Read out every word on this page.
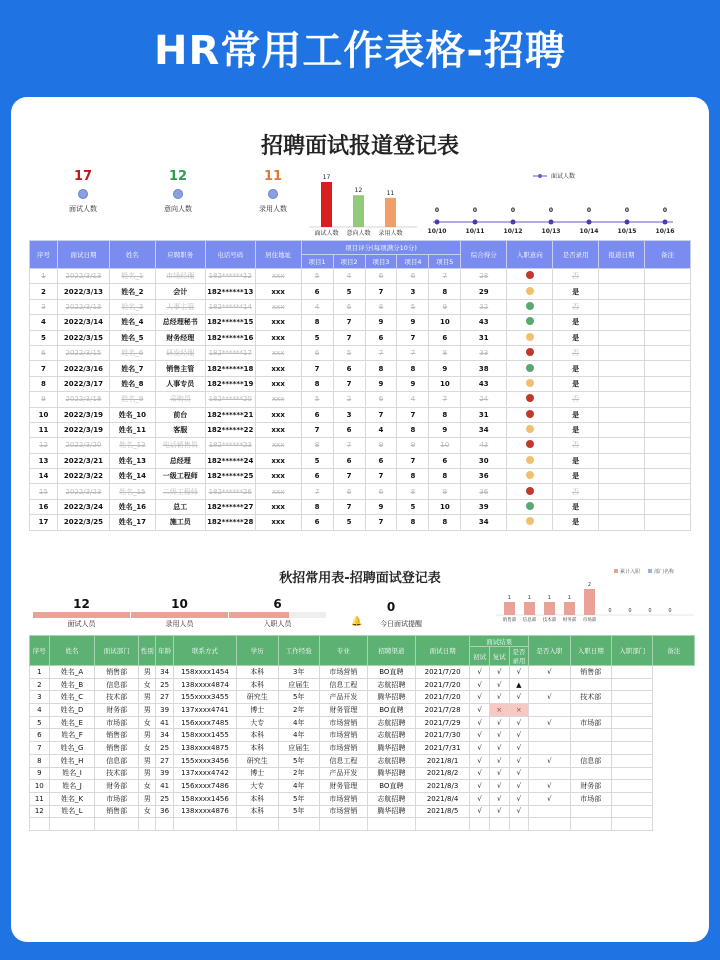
HR常用工作表格-招聘
招聘面试报道登记表
17
面试人数
12
意向人数
11
录用人数
17
面试人数
12
意向人数
11
录用人数
面试人数
0
10/10
0
10/11
0
10/12
0
10/13
0
10/14
0
10/15
0
10/16
序号	面试日期	姓名	应聘职务	电话号码	居住地址	项目评分(每项满分10分)					综合得分	入职意向	是否录用	报道日期	备注
						项目1	项目2	项目3	项目4	项目5					
1	2022/3/13	姓名_1	市场经理	182******12	xxx	5	4	6	6	7	28		否		
2	2022/3/13	姓名_2	会计	182******13	xxx	6	5	7	3	8	29		是		
3	2022/3/13	姓名_3	人事主管	182******14	xxx	4	6	8	5	9	32		否		
4	2022/3/14	姓名_4	总经理秘书	182******15	xxx	8	7	9	9	10	43		是		
5	2022/3/15	姓名_5	财务经理	182******16	xxx	5	7	6	7	6	31		是		
6	2022/3/15	姓名_6	研发经理	182******17	xxx	6	5	7	7	8	33		否		
7	2022/3/16	姓名_7	销售主管	182******18	xxx	7	6	8	8	9	38		是		
8	2022/3/17	姓名_8	人事专员	182******19	xxx	8	7	9	9	10	43		是		
9	2022/3/18	姓名_9	采购员	182******20	xxx	5	2	6	4	7	24		否		
10	2022/3/19	姓名_10	前台	182******21	xxx	6	3	7	7	8	31		是		
11	2022/3/19	姓名_11	客服	182******22	xxx	7	6	4	8	9	34		是		
12	2022/3/20	姓名_12	电话销售员	182******23	xxx	8	7	9	9	10	43		否		
13	2022/3/21	姓名_13	总经理	182******24	xxx	5	6	6	7	6	30		是		
14	2022/3/22	姓名_14	一级工程师	182******25	xxx	6	7	7	8	8	36		是		
15	2022/3/23	姓名_15	二级工程师	182******26	xxx	7	6	6	8	9	36		否		
16	2022/3/24	姓名_16	总工	182******27	xxx	8	7	9	5	10	39		是		
17	2022/3/25	姓名_17	施工员	182******28	xxx	6	5	7	8	8	34		是		
秋招常用表-招聘面试登记表
12
面试人员
10
录用人员
6
入职人员
0
🔔	今日面试提醒
累计入职	部门名称
1
销售部
1
信息部
1
技术部
1
财务部
2
市场部
0	0	0	0
序号	姓名	面试部门	性别	年龄	联系方式	学历	工作经验	专业	招聘渠道	面试日期	面试结果			是否入职	入职日期	入职部门	备注
											初试	复试	是否录用				
1	姓名_A	销售部	男	34	158xxxx1454	本科	3年	市场营销	BO直聘	2021/7/20	√	√	√	√	销售部		
2	姓名_B	信息部	女	25	138xxxx4874	本科	应届生	信息工程	志航招聘	2021/7/20	√	√	▲				
3	姓名_C	技术部	男	27	155xxxx3455	研究生	5年	产品开发	腾华招聘	2021/7/20	√	√	√	√	技术部		
4	姓名_D	财务部	男	39	137xxxx4741	博士	2年	财务管理	BO直聘	2021/7/28	√	×	×				
5	姓名_E	市场部	女	41	156xxxx7485	大专	4年	市场营销	志航招聘	2021/7/29	√	√	√	√	市场部		
6	姓名_F	销售部	男	34	158xxxx1455	本科	4年	市场营销	志航招聘	2021/7/30	√	√	√				
7	姓名_G	销售部	女	25	138xxxx4875	本科	应届生	市场营销	腾华招聘	2021/7/31	√	√	√				
8	姓名_H	信息部	男	27	155xxxx3456	研究生	5年	信息工程	志航招聘	2021/8/1	√	√	√	√	信息部		
9	姓名_I	技术部	男	39	137xxxx4742	博士	2年	产品开发	腾华招聘	2021/8/2	√	√	√				
10	姓名_J	财务部	女	41	156xxxx7486	大专	4年	财务管理	BO直聘	2021/8/3	√	√	√	√	财务部		
11	姓名_K	市场部	男	25	158xxxx1456	本科	5年	市场营销	志航招聘	2021/8/4	√	√	√	√	市场部		
12	姓名_L	销售部	女	36	138xxxx4876	本科	5年	市场营销	腾华招聘	2021/8/5	√	√	√				
